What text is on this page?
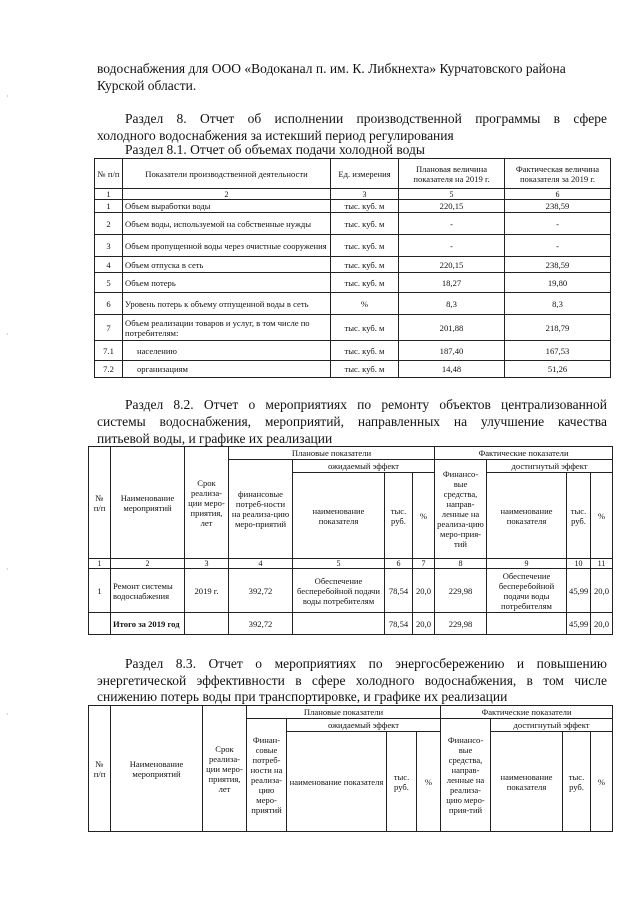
·
·
·
·
водоснабжения для ООО «Водоканал п. им. К. Либкнехта» Курчатовского района
Курской области.
Раздел 8. Отчет об исполнении производственной программы в сфере
холодного водоснабжения за истекший период регулирования
Раздел 8.1. Отчет об объемах подачи холодной воды
№ п/п	Показатели производственной деятельности	Ед. измерения	Плановая величина показателя на 2019 г.	Фактическая величина показателя за 2019 г.
1	2	3	5	6
1	Объем выработки воды	тыс. куб. м	220,15	238,59
2	Объем воды, используемой на собственные нужды	тыс. куб. м	-	-
3	Объем пропущенной воды через очистные сооружения	тыс. куб. м	-	-
4	Объем отпуска в сеть	тыс. куб. м	220,15	238,59
5	Объем потерь	тыс. куб. м	18,27	19,80
6	Уровень потерь к объему отпущенной воды в сеть	%	8,3	8,3
7	Объем реализации товаров и услуг, в том числе по потребителям:	тыс. куб. м	201,88	218,79
7.1	населению	тыс. куб. м	187,40	167,53
7.2	организациям	тыс. куб. м	14,48	51,26
Раздел 8.2. Отчет о мероприятиях по ремонту объектов централизованной
системы водоснабжения, мероприятий, направленных на улучшение качества
питьевой воды, и графике их реализации
№ п/п	Наименование мероприятий	Срок реализа-ции меро-приятия, лет	Плановые показатели				Фактические показатели			
			финансовые потреб-ности на реализа-цию меро-приятий	ожидаемый эффект			Финансо-вые средства, направ-ленные на реализа-цию меро-прия-тий	достигнутый эффект		
				наименование показателя	тыс. руб.	%		наименование показателя	тыс. руб.	%
1	2	3	4	5	6	7	8	9	10	11
1	Ремонт системы водоснабжения	2019 г.	392,72	Обеспечение бесперебойной подачи воды потребителям	78,54	20,0	229,98	Обеспечение бесперебойной подачи воды потребителям	45,99	20,0
	Итого за 2019 год		392,72		78,54	20,0	229,98		45,99	20,0
Раздел 8.3. Отчет о мероприятиях по энергосбережению и повышению
энергетической эффективности в сфере холодного водоснабжения, в том числе
снижению потерь воды при транспортировке, и графике их реализации
№ п/п	Наименование мероприятий	Срок реализа-ции меро-приятия, лет	Плановые показатели				Фактические показатели			
			Финан-совые потреб-ности на реализа-цию меро-приятий	ожидаемый эффект			Финансо-вые средства, направ-ленные на реализа-цию меро-прия-тий	достигнутый эффект		
				наименование показателя	тыс. руб.	%		наименование показателя	тыс. руб.	%
